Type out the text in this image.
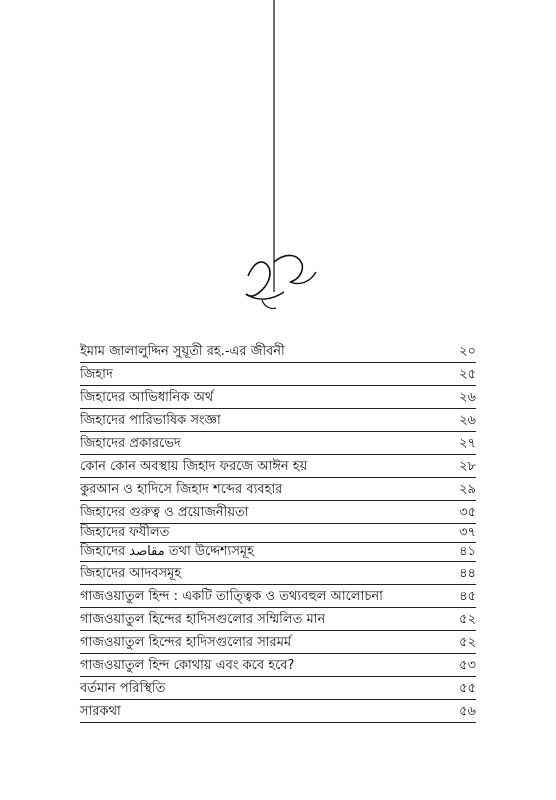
সূচি
ইমাম জালালুদ্দিন সুয়ূতী রহ.-এর জীবনী	২০
জিহাদ	২৫
জিহাদের আভিধানিক অর্থ	২৬
জিহাদের পারিভাষিক সংজ্ঞা	২৬
জিহাদের প্রকারভেদ	২৭
কোন কোন অবস্থায় জিহাদ ফরজে আঈন হয়	২৮
কুরআন ও হাদিসে জিহাদ শব্দের ব্যবহার	২৯
জিহাদের গুরুত্ব ও প্রয়োজনীয়তা	৩৫
জিহাদের ফযীলত	৩৭
জিহাদের مقاصد তথা উদ্দেশ্যসমূহ	৪১
জিহাদের আদবসমূহ	৪৪
গাজওয়াতুল হিন্দ : একটি তাত্ত্বিক ও তথ্যবহুল আলোচনা	৪৫
গাজওয়াতুল হিন্দের হাদিসগুলোর সম্মিলিত মান	৫২
গাজওয়াতুল হিন্দের হাদিসগুলোর সারমর্ম	৫২
গাজওয়াতুল হিন্দ কোথায় এবং কবে হবে?	৫৩
বর্তমান পরিস্থিতি	৫৫
সারকথা	৫৬
